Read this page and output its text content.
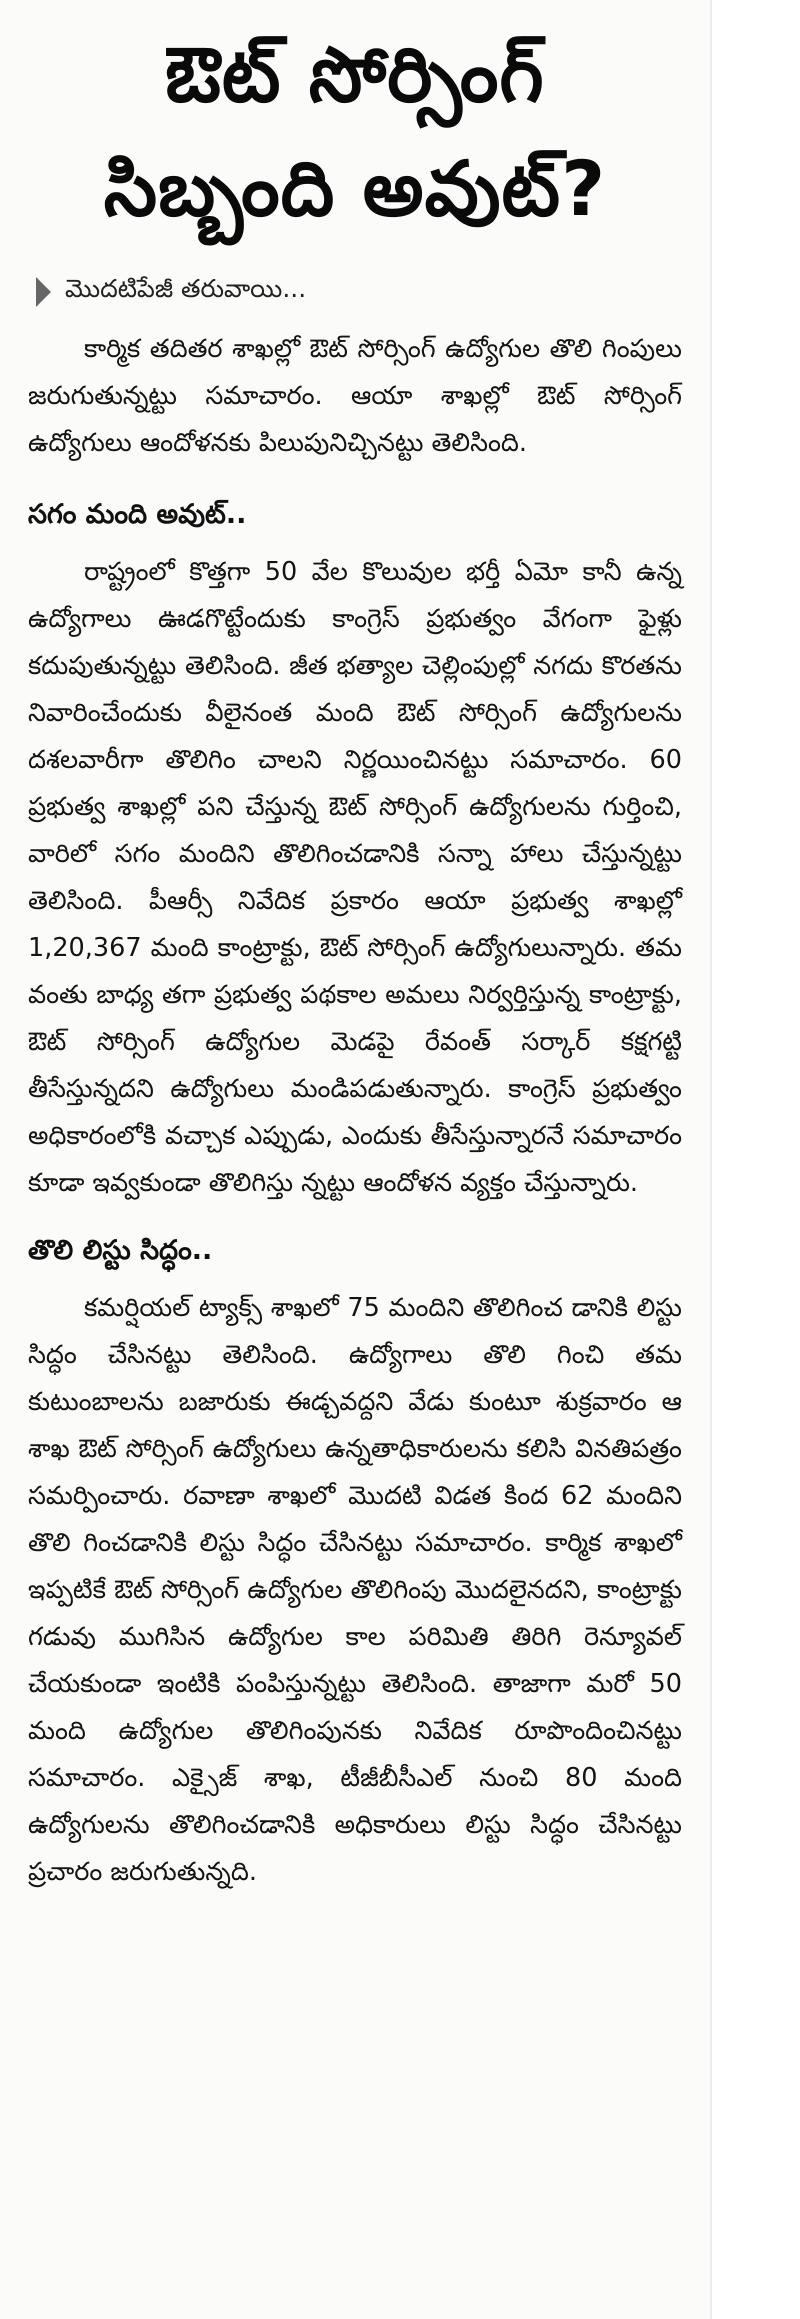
ఔట్ సోర్సింగ్
సిబ్బంది అవుట్?
మొదటిపేజీ తరువాయి...

కార్మిక తదితర శాఖల్లో ఔట్ సోర్సింగ్ ఉద్యోగుల తొలి గింపులు జరుగుతున్నట్టు సమాచారం. ఆయా శాఖల్లో ఔట్ సోర్సింగ్ ఉద్యోగులు ఆందోళనకు పిలుపునిచ్చినట్టు తెలిసింది.

సగం మంది అవుట్..

రాష్ట్రంలో కొత్తగా 50 వేల కొలువుల భర్తీ ఏమో కానీ ఉన్న ఉద్యోగాలు ఊడగొట్టేందుకు కాంగ్రెస్ ప్రభుత్వం వేగంగా ఫైళ్లు కదుపుతున్నట్టు తెలిసింది. జీత భత్యాల చెల్లింపుల్లో నగదు కొరతను నివారించేందుకు వీలైనంత మంది ఔట్ సోర్సింగ్ ఉద్యోగులను దశలవారీగా తొలిగిం చాలని నిర్ణయించినట్టు సమాచారం. 60 ప్రభుత్వ శాఖల్లో పని చేస్తున్న ఔట్ సోర్సింగ్ ఉద్యోగులను గుర్తించి, వారిలో సగం మందిని తొలిగించడానికి సన్నా హాలు చేస్తున్నట్టు తెలిసింది. పీఆర్సీ నివేదిక ప్రకారం ఆయా ప్రభుత్వ శాఖల్లో 1,20,367 మంది కాంట్రాక్టు, ఔట్ సోర్సింగ్ ఉద్యోగులున్నారు. తమ వంతు బాధ్య తగా ప్రభుత్వ పథకాల అమలు నిర్వర్తిస్తున్న కాంట్రాక్టు, ఔట్ సోర్సింగ్ ఉద్యోగుల మెడపై రేవంత్ సర్కార్ కక్షగట్టి తీసేస్తున్నదని ఉద్యోగులు మండిపడుతున్నారు. కాంగ్రెస్ ప్రభుత్వం అధికారంలోకి వచ్చాక ఎప్పుడు, ఎందుకు తీసేస్తున్నారనే సమాచారం కూడా ఇవ్వకుండా తొలిగిస్తు న్నట్టు ఆందోళన వ్యక్తం చేస్తున్నారు.

తొలి లిస్టు సిద్ధం..

కమర్షియల్ ట్యాక్స్ శాఖలో 75 మందిని తొలిగించ డానికి లిస్టు సిద్ధం చేసినట్టు తెలిసింది. ఉద్యోగాలు తొలి గించి తమ కుటుంబాలను బజారుకు ఈడ్చవద్దని వేడు కుంటూ శుక్రవారం ఆ శాఖ ఔట్ సోర్సింగ్ ఉద్యోగులు ఉన్నతాధికారులను కలిసి వినతిపత్రం సమర్పించారు. రవాణా శాఖలో మొదటి విడత కింద 62 మందిని తొలి గించడానికి లిస్టు సిద్ధం చేసినట్టు సమాచారం. కార్మిక శాఖలో ఇప్పటికే ఔట్ సోర్సింగ్ ఉద్యోగుల తొలిగింపు మొదలైనదని, కాంట్రాక్టు గడువు ముగిసిన ఉద్యోగుల కాల పరిమితి తిరిగి రెన్యూవల్ చేయకుండా ఇంటికి పంపిస్తున్నట్టు తెలిసింది. తాజాగా మరో 50 మంది ఉద్యోగుల తొలిగింపునకు నివేదిక రూపొందించినట్టు సమాచారం. ఎక్సైజ్ శాఖ, టీజీబీసీఎల్ నుంచి 80 మంది ఉద్యోగులను తొలిగించడానికి అధికారులు లిస్టు సిద్ధం చేసినట్టు ప్రచారం జరుగుతున్నది.
